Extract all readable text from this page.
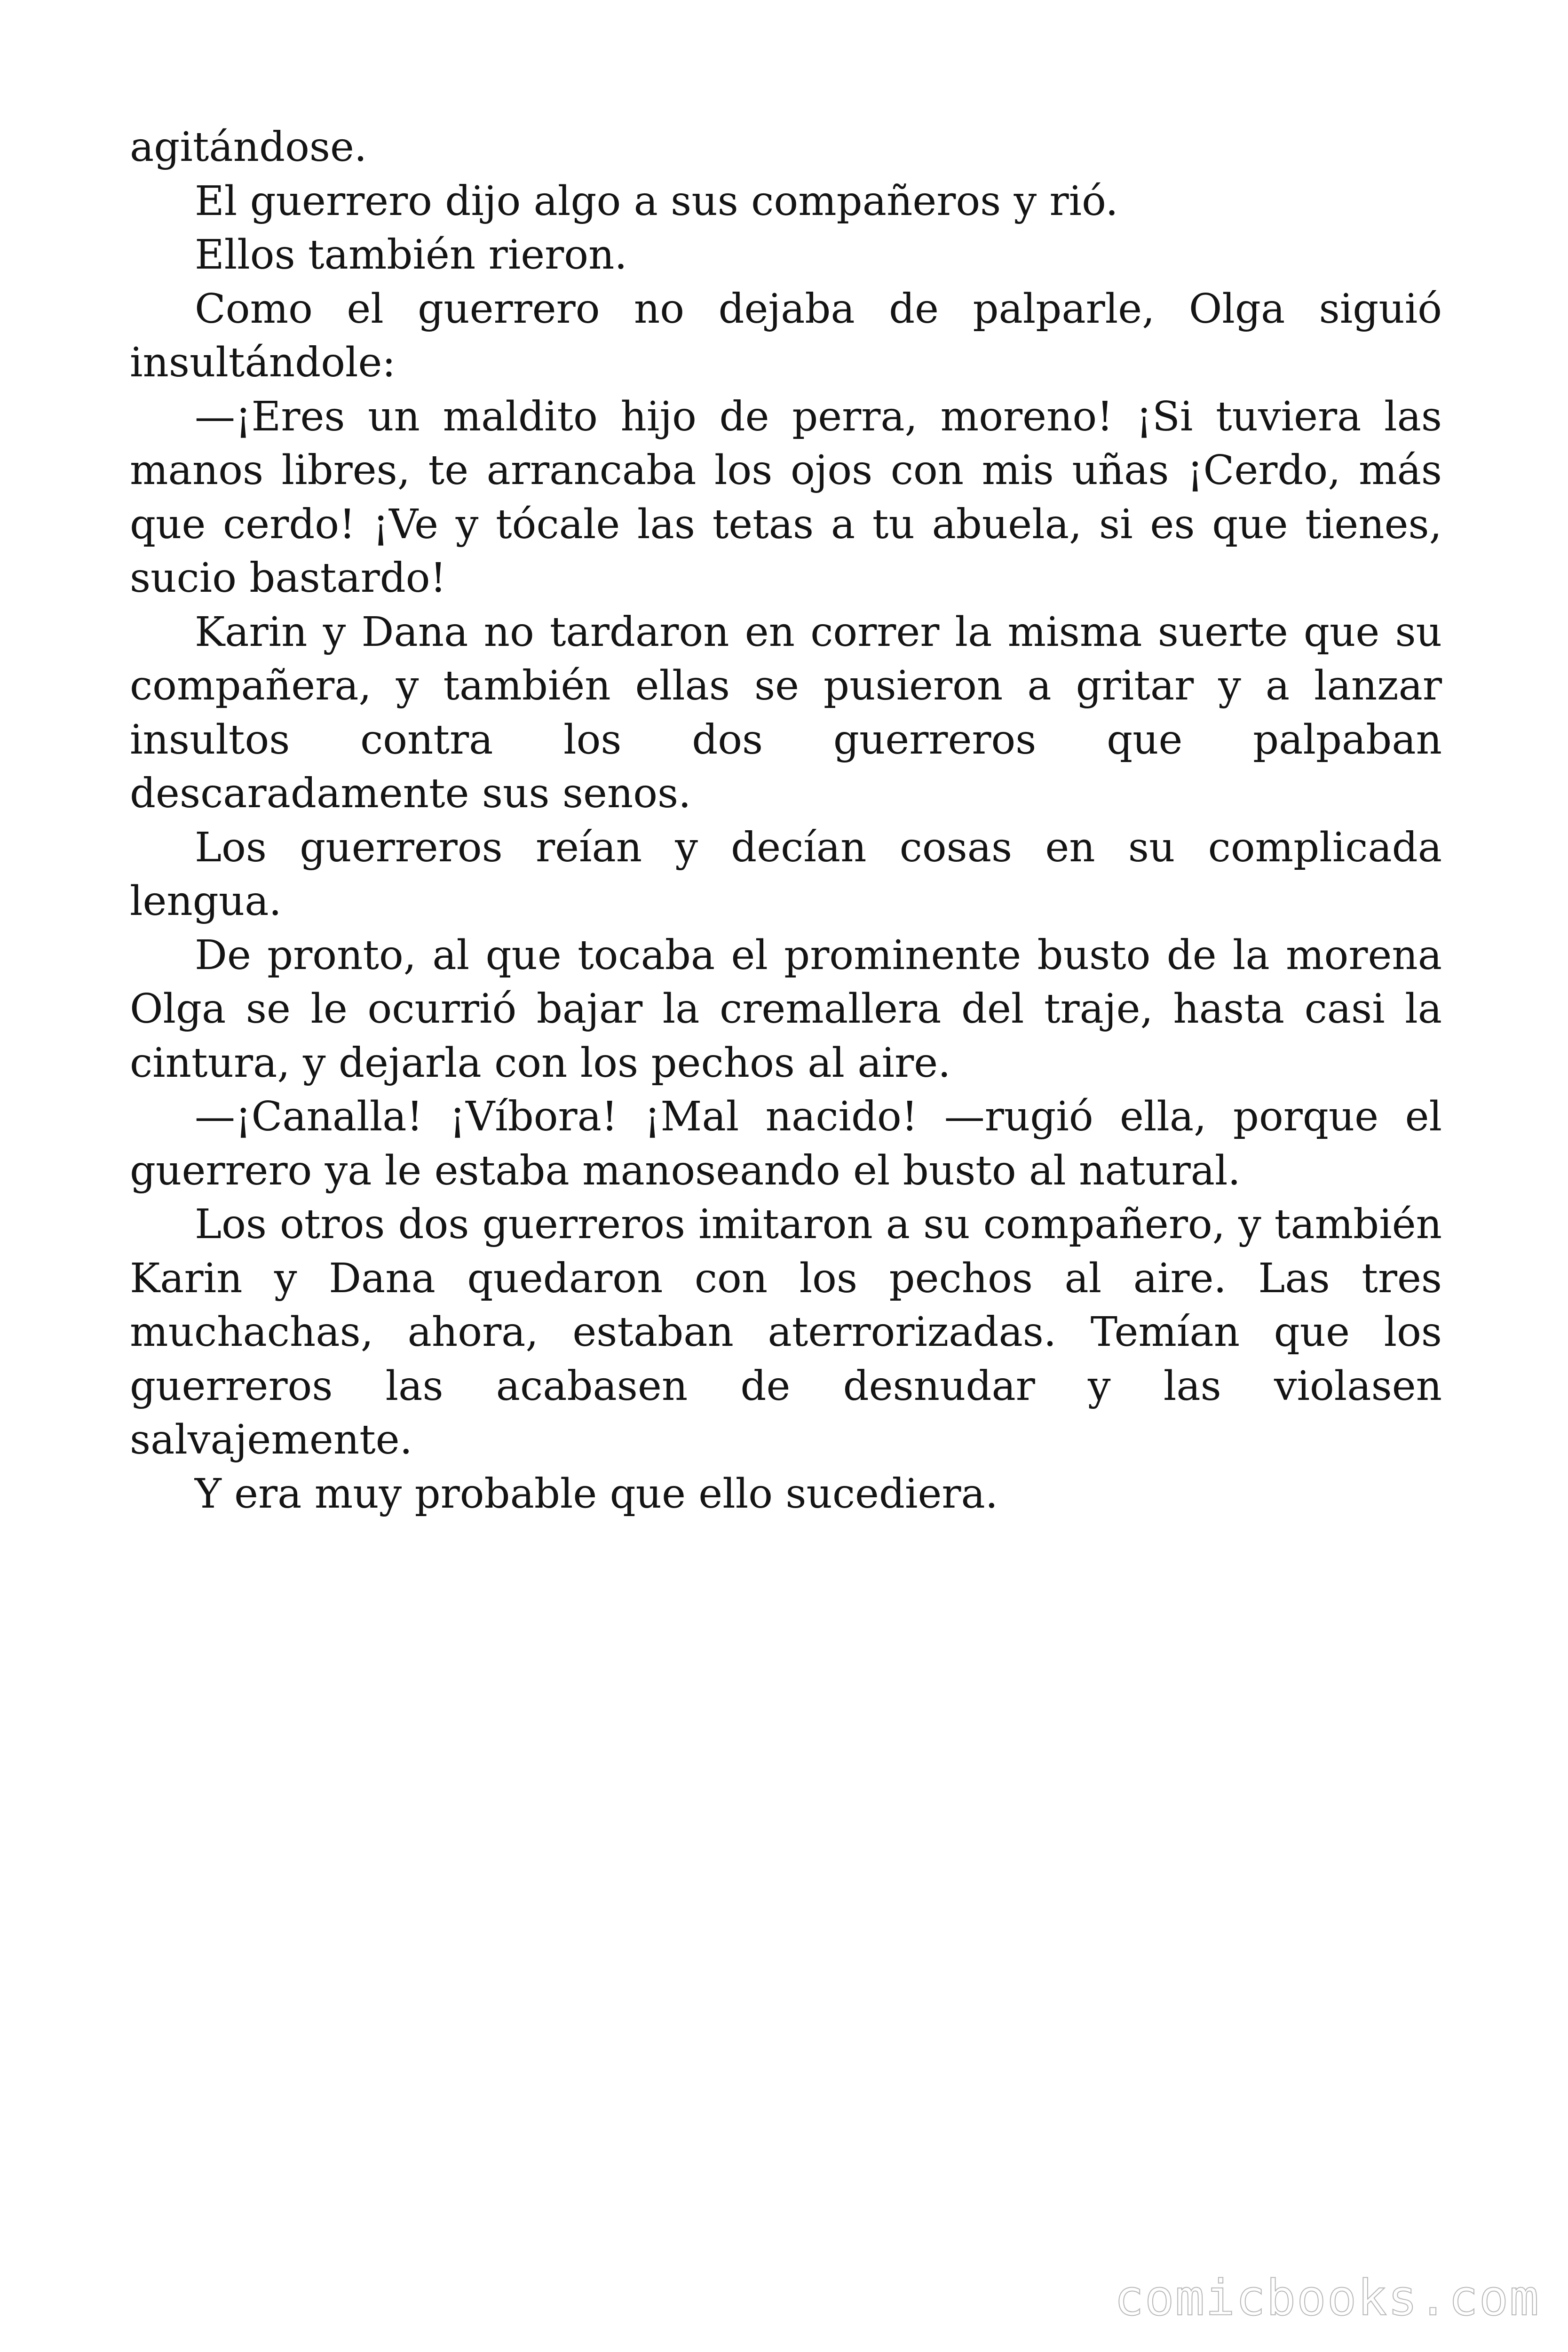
agitándose.

El guerrero dijo algo a sus compañeros y rió.

Ellos también rieron.

Como el guerrero no dejaba de palparle, Olga siguió insultándole:

—¡Eres un maldito hijo de perra, moreno! ¡Si tuviera las manos libres, te arrancaba los ojos con mis uñas ¡Cerdo, más que cerdo! ¡Ve y tócale las tetas a tu abuela, si es que tienes, sucio bastardo!

Karin y Dana no tardaron en correr la misma suerte que su compañera, y también ellas se pusieron a gritar y a lanzar insultos contra los dos guerreros que palpaban descaradamente sus senos.

Los guerreros reían y decían cosas en su complicada lengua.

De pronto, al que tocaba el prominente busto de la morena Olga se le ocurrió bajar la cremallera del traje, hasta casi la cintura, y dejarla con los pechos al aire.

—¡Canalla! ¡Víbora! ¡Mal nacido! —rugió ella, porque el guerrero ya le estaba manoseando el busto al natural.

Los otros dos guerreros imitaron a su compañero, y también Karin y Dana quedaron con los pechos al aire. Las tres muchachas, ahora, estaban aterrorizadas. Temían que los guerreros las acabasen de desnudar y las violasen salvajemente.

Y era muy probable que ello sucediera.

comicbooks.com
